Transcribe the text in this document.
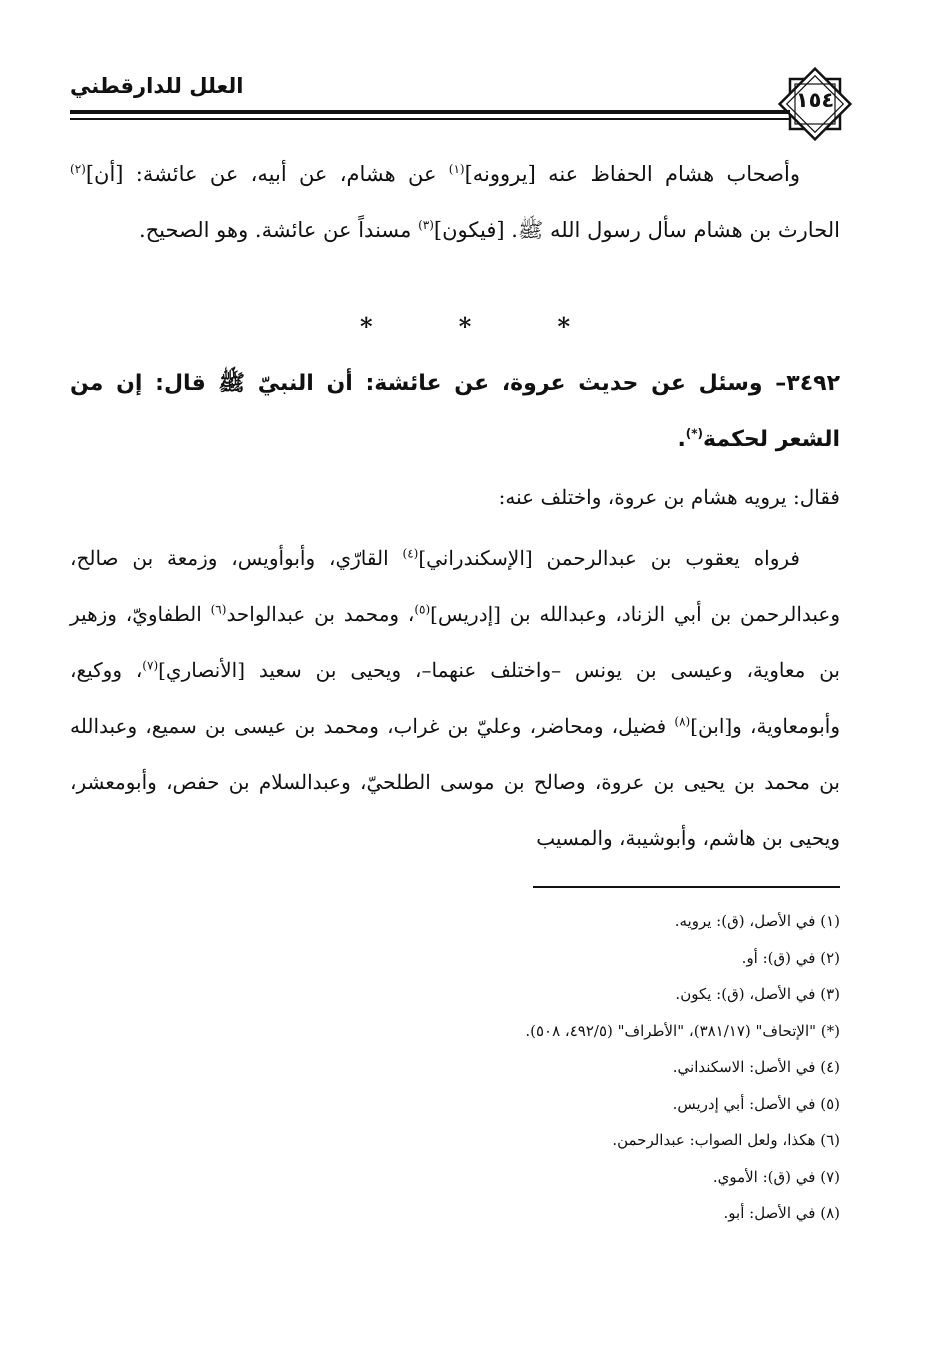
العلل للدارقطني
١٥٤
وأصحاب هشام الحفاظ عنه [يروونه]$^{(١)}$ عن هشام، عن أبيه، عن عائشة: [أن]$^{(٢)}$ الحارث بن هشام سأل رسول الله ﷺ. [فيكون]$^{(٣)}$ مسنداً عن عائشة. وهو الصحيح.
*	*	*
٣٤٩٢– وسئل عن حديث عروة، عن عائشة: أن النبيّ ﷺ قال: إن من الشعر لحكمة(*).
فقال: يرويه هشام بن عروة، واختلف عنه:
فرواه يعقوب بن عبدالرحمن [الإسكندراني]$^{(٤)}$ القارّي، وأبوأويس، وزمعة بن صالح، وعبدالرحمن بن أبي الزناد، وعبدالله بن [إدريس]$^{(٥)}$، ومحمد بن عبدالواحد$^{(٦)}$ الطفاويّ، وزهير بن معاوية، وعيسى بن يونس –واختلف عنهما–، ويحيى بن سعيد [الأنصاري]$^{(٧)}$، ووكيع، وأبومعاوية، و[ابن]$^{(٨)}$ فضيل، ومحاضر، وعليّ بن غراب، ومحمد بن عيسى بن سميع، وعبدالله بن محمد بن يحيى بن عروة، وصالح بن موسى الطلحيّ، وعبدالسلام بن حفص، وأبومعشر، ويحيى بن هاشم، وأبوشيبة، والمسيب
(١) في الأصل، (ق): يرويه.
(٢) في (ق): أو.
(٣) في الأصل، (ق): يكون.
(*) "الإتحاف" (٣٨١/١٧)، "الأطراف" (٤٩٢/٥، ٥٠٨).
(٤) في الأصل: الاسكنداني.
(٥) في الأصل: أبي إدريس.
(٦) هكذا، ولعل الصواب: عبدالرحمن.
(٧) في (ق): الأموي.
(٨) في الأصل: أبو.
